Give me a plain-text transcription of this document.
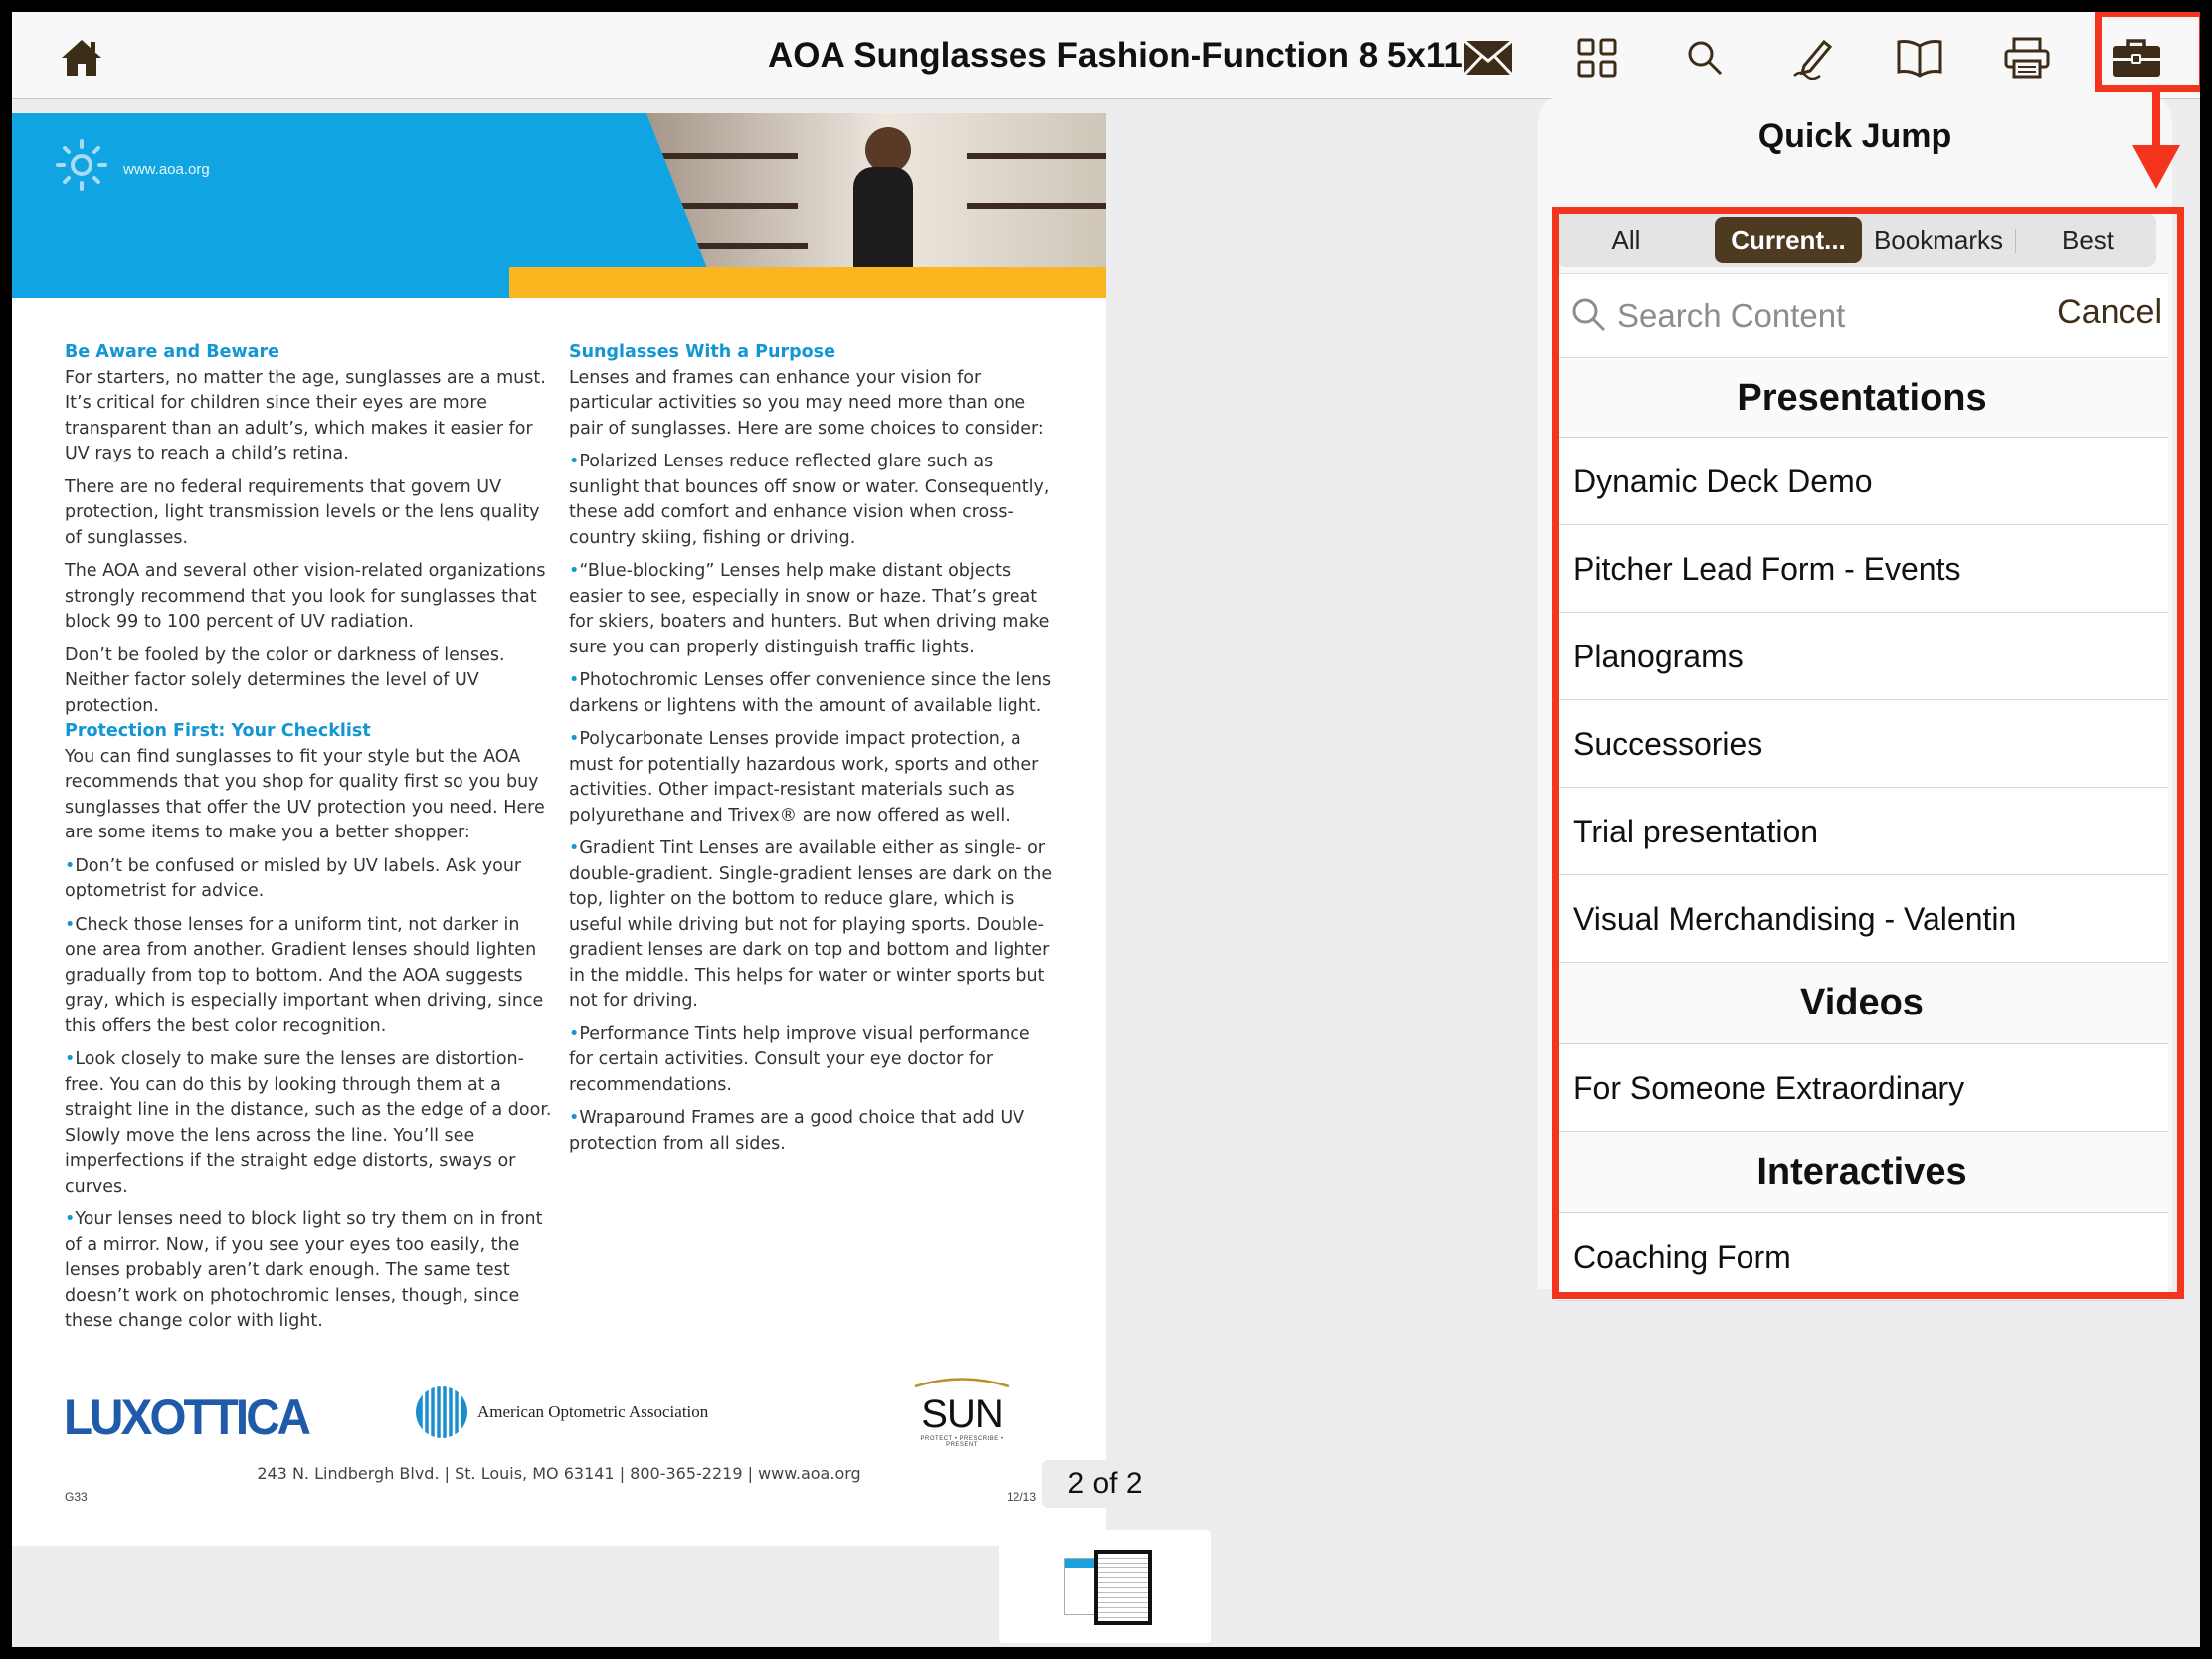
AOA Sunglasses Fashion-Function 8 5x11
www.aoa.org
Be Aware and Beware
For starters, no matter the age, sunglasses are a must. It’s critical for children since their eyes are more transparent than an adult’s, which makes it easier for UV rays to reach a child’s retina.
There are no federal requirements that govern UV protection, light transmission levels or the lens quality of sunglasses.
The AOA and several other vision-related organizations strongly recommend that you look for sunglasses that block 99 to 100 percent of UV radiation.
Don’t be fooled by the color or darkness of lenses. Neither factor solely determines the level of UV protection.
Protection First: Your Checklist
You can find sunglasses to fit your style but the AOA recommends that you shop for quality first so you buy sunglasses that offer the UV protection you need. Here are some items to make you a better shopper:
• Don’t be confused or misled by UV labels. Ask your optometrist for advice.
• Check those lenses for a uniform tint, not darker in one area from another. Gradient lenses should lighten gradually from top to bottom. And the AOA suggests gray, which is especially important when driving, since this offers the best color recognition.
• Look closely to make sure the lenses are distortion-free. You can do this by looking through them at a straight line in the distance, such as the edge of a door. Slowly move the lens across the line. You’ll see imperfections if the straight edge distorts, sways or curves.
• Your lenses need to block light so try them on in front of a mirror. Now, if you see your eyes too easily, the lenses probably aren’t dark enough. The same test doesn’t work on photochromic lenses, though, since these change color with light.
Sunglasses With a Purpose
Lenses and frames can enhance your vision for particular activities so you may need more than one pair of sunglasses. Here are some choices to consider:
• Polarized Lenses reduce reflected glare such as sunlight that bounces off snow or water. Consequently, these add comfort and enhance vision when cross-country skiing, fishing or driving.
• “Blue-blocking” Lenses help make distant objects easier to see, especially in snow or haze. That’s great for skiers, boaters and hunters. But when driving make sure you can properly distinguish traffic lights.
• Photochromic Lenses offer convenience since the lens darkens or lightens with the amount of available light.
• Polycarbonate Lenses provide impact protection, a must for potentially hazardous work, sports and other activities. Other impact-resistant materials such as polyurethane and Trivex® are now offered as well.
• Gradient Tint Lenses are available either as single- or double-gradient. Single-gradient lenses are dark on the top, lighter on the bottom to reduce glare, which is useful while driving but not for playing sports. Double-gradient lenses are dark on top and bottom and lighter in the middle. This helps for water or winter sports but not for driving.
• Performance Tints help improve visual performance for certain activities. Consult your eye doctor for recommendations.
• Wraparound Frames are a good choice that add UV protection from all sides.
LUXOTTICA	American Optometric Association	SUN
PROTECT • PRESCRIBE • PRESENT
243 N. Lindbergh Blvd. | St. Louis, MO 63141 | 800-365-2219 | www.aoa.org
G33	12/13	2 of 2
Quick Jump
All	Current...	Bookmarks	Best
Search Content
Cancel
Presentations
Dynamic Deck Demo
Pitcher Lead Form - Events
Planograms
Successories
Trial presentation
Visual Merchandising - Valentin
Videos
For Someone Extraordinary
Interactives
Coaching Form
